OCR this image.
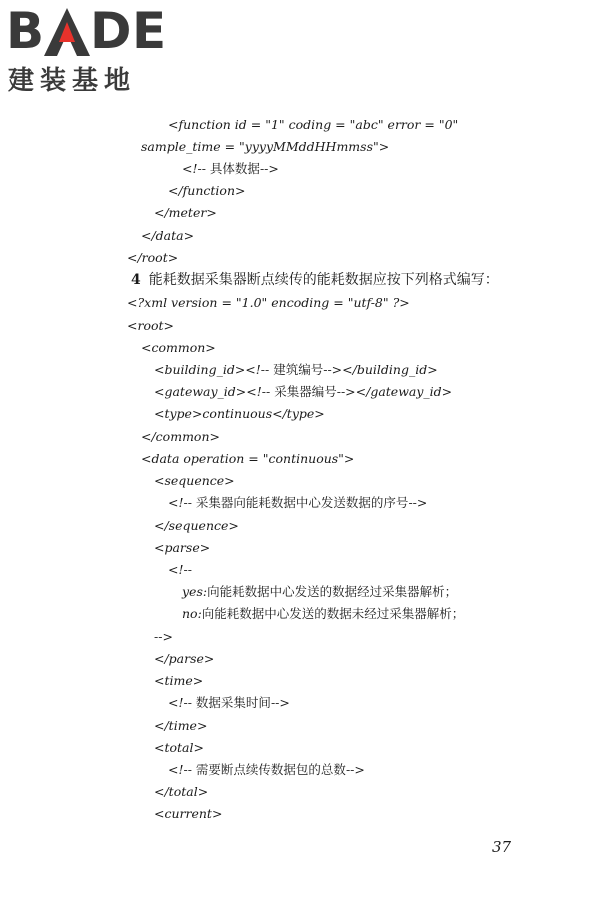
B D E
建装基地
<function id = "1" coding = "abc" error = "0"
sample_time = "yyyyMMddHHmmss">
<!-- 具体数据-->
</function>
</meter>
</data>
</root>
4 能耗数据采集器断点续传的能耗数据应按下列格式编写：
<?xml version = "1.0" encoding = "utf-8" ?>
<root>
<common>
<building_id><!-- 建筑编号--></building_id>
<gateway_id><!-- 采集器编号--></gateway_id>
<type>continuous</type>
</common>
<data operation = "continuous">
<sequence>
<!-- 采集器向能耗数据中心发送数据的序号-->
</sequence>
<parse>
<!--
yes:向能耗数据中心发送的数据经过采集器解析；
no:向能耗数据中心发送的数据未经过采集器解析；
-->
</parse>
<time>
<!-- 数据采集时间-->
</time>
<total>
<!-- 需要断点续传数据包的总数-->
</total>
<current>
37
